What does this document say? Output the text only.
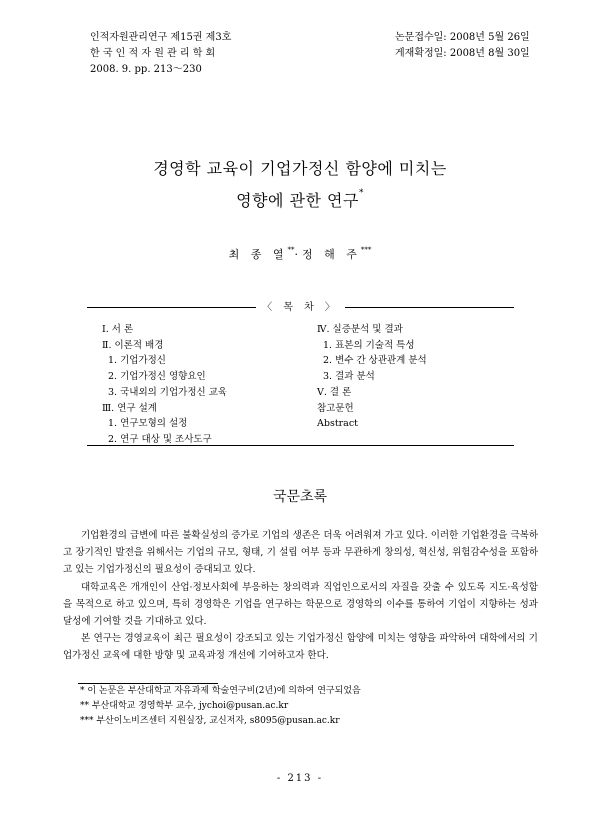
인적자원관리연구 제15권 제3호
한 국 인 적 자 원 관 리 학 회
2008. 9. pp. 213～230
논문접수일: 2008년 5월 26일
게재확정일: 2008년 8월 30일
경영학 교육이 기업가정신 함양에 미치는
영향에 관한 연구*
최 종 열**·정 해 주***
〈 목 차 〉
Ⅰ. 서 론
Ⅱ. 이론적 배경
1. 기업가정신
2. 기업가정신 영향요인
3. 국내외의 기업가정신 교육
Ⅲ. 연구 설계
1. 연구모형의 설정
2. 연구 대상 및 조사도구
Ⅳ. 실증분석 및 결과
1. 표본의 기술적 특성
2. 변수 간 상관관계 분석
3. 결과 분석
Ⅴ. 결 론
참고문헌
Abstract
국문초록

기업환경의 급변에 따른 불확실성의 증가로 기업의 생존은 더욱 어려워져 가고 있다. 이러한 기업환경을 극복하고 장기적인 발전을 위해서는 기업의 규모, 형태, 기 설립 여부 등과 무관하게 창의성, 혁신성, 위험감수성을 포함하고 있는 기업가정신의 필요성이 증대되고 있다.

대학교육은 개개인이 산업·정보사회에 부응하는 창의력과 직업인으로서의 자질을 갖출 수 있도록 지도·육성함을 목적으로 하고 있으며, 특히 경영학은 기업을 연구하는 학문으로 경영학의 이수를 통하여 기업이 지향하는 성과 달성에 기여할 것을 기대하고 있다.

본 연구는 경영교육이 최근 필요성이 강조되고 있는 기업가정신 함양에 미치는 영향을 파악하여 대학에서의 기업가정신 교육에 대한 방향 및 교육과정 개선에 기여하고자 한다.

* 이 논문은 부산대학교 자유과제 학술연구비(2년)에 의하여 연구되었음
** 부산대학교 경영학부 교수, jychoi@pusan.ac.kr
*** 부산이노비즈센터 지원실장, 교신저자, s8095@pusan.ac.kr
- 213 -
